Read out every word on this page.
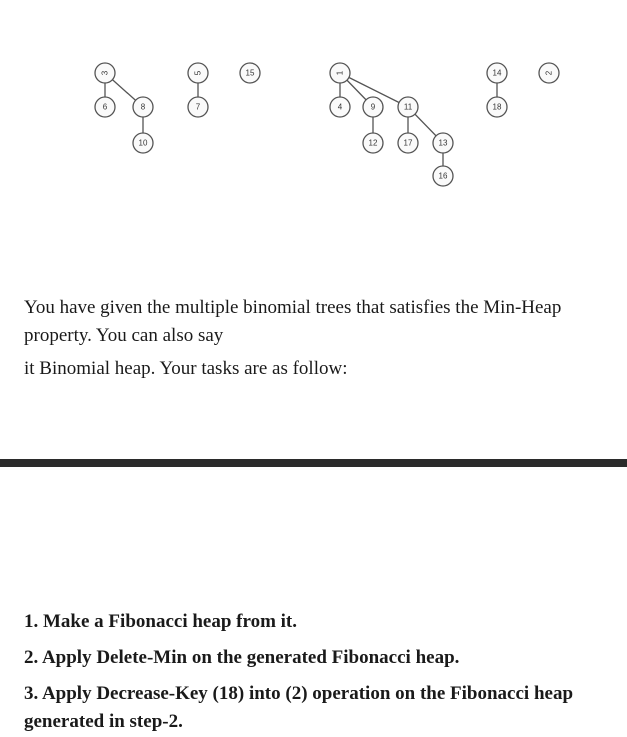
3
6	8
10
5
7
15	1
4	9	11
12	17	13
16
14
18
2

You have given the multiple binomial trees that satisfies the Min-Heap property. You can also say

it Binomial heap. Your tasks are as follow:

1. Make a Fibonacci heap from it.

2. Apply Delete-Min on the generated Fibonacci heap.

3. Apply Decrease-Key (18) into (2) operation on the Fibonacci heap generated in step-2.
